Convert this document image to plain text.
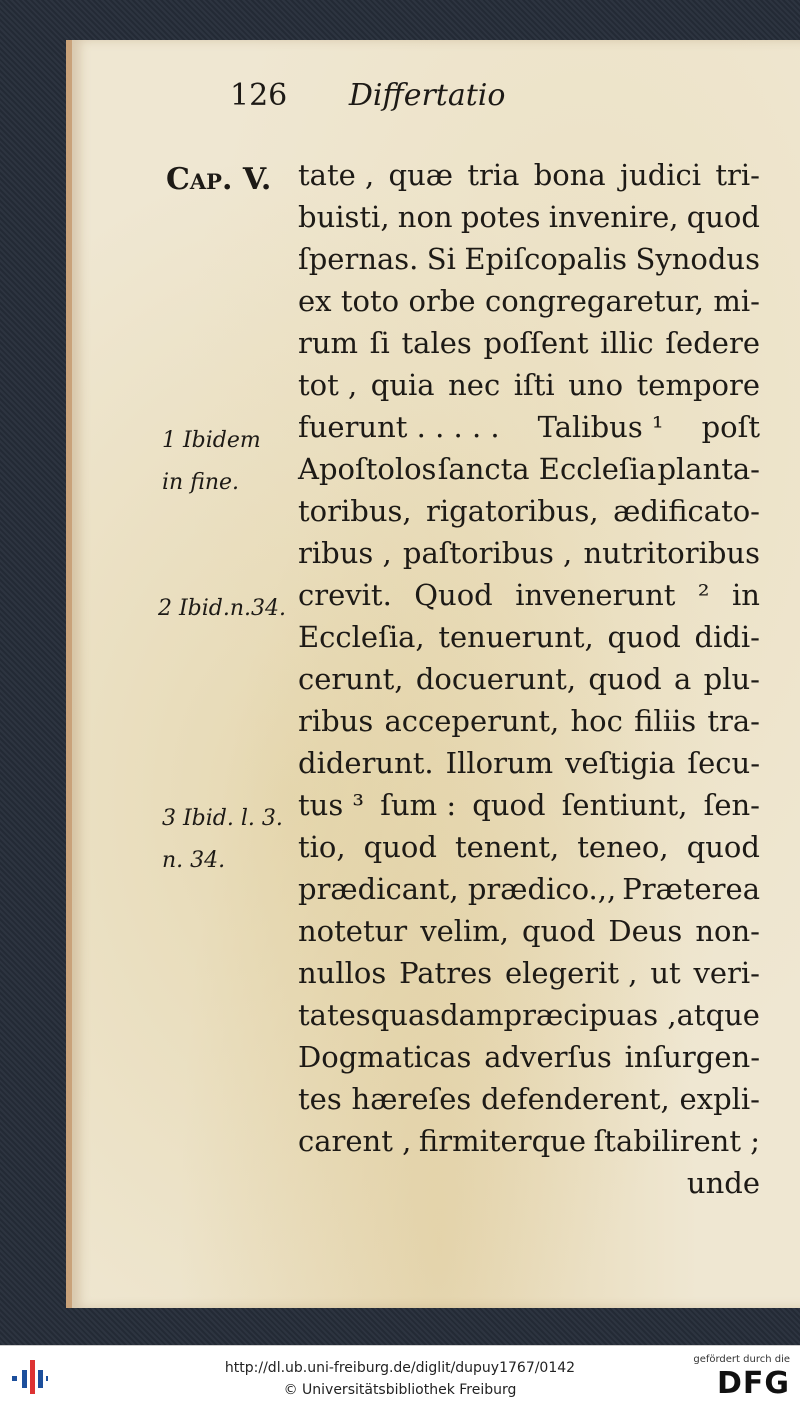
126 Differtatio
Cap. V.
1 Ibidem
in fine.
2 Ibid.n.34.
3 Ibid. l. 3.
n. 34.
tate , quæ tria bona judici tri-
buisti, non potes invenire, quod
ſpernas. Si Epiſcopalis Synodus
ex toto orbe congregaretur, mi-
rum ſi tales poſſent illic ſedere
tot , quia nec iſti uno tempore
fuerunt . . . . . Talibus ¹ poſt
Apoſtolos ſancta Eccleſia planta-
toribus, rigatoribus, ædificato-
ribus , paſtoribus , nutritoribus
crevit. Quod invenerunt ² in
Eccleſia, tenuerunt, quod didi-
cerunt, docuerunt, quod a plu-
ribus acceperunt, hoc filiis tra-
diderunt. Illorum veſtigia ſecu-
tus ³ ſum : quod ſentiunt, ſen-
tio, quod tenent, teneo, quod
prædicant, prædico.,, Præterea
notetur velim, quod Deus non-
nullos Patres elegerit , ut veri-
tates quasdam præcipuas , atque
Dogmaticas adverſus inſurgen-
tes hæreſes defenderent, expli-
carent , firmiterque ſtabilirent ;
unde
http://dl.ub.uni-freiburg.de/diglit/dupuy1767/0142
© Universitätsbibliothek Freiburg
gefördert durch die
DFG
